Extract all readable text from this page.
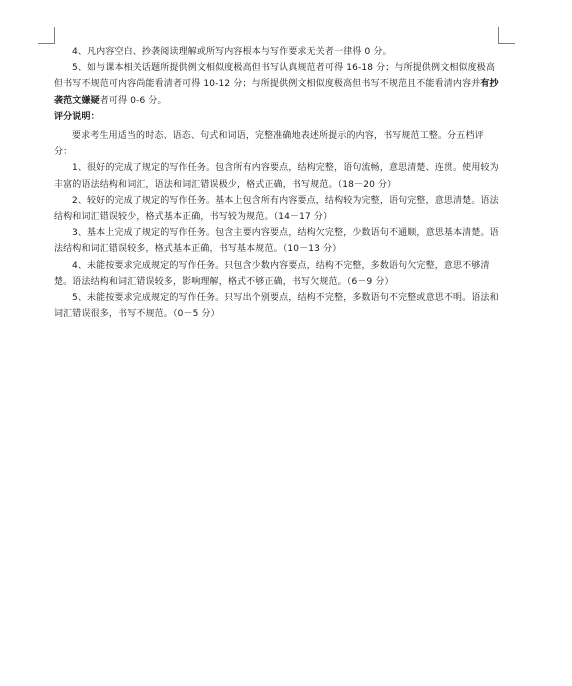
4、凡内容空白、抄袭阅读理解或所写内容根本与写作要求无关者一律得 0 分。

5、如与课本相关话题所提供例文相似度极高但书写认真规范者可得 16-18 分；与所提供例文相似度极高但书写不规范可内容尚能看清者可得 10-12 分；与所提供例文相似度极高但书写不规范且不能看清内容并有抄袭范文嫌疑者可得 0-6 分。

评分说明：

要求考生用适当的时态、语态、句式和词语，完整准确地表述所提示的内容，书写规范工整。分五档评分：

1、很好的完成了规定的写作任务。包含所有内容要点，结构完整，语句流畅，意思清楚、连贯。使用较为丰富的语法结构和词汇，语法和词汇错误极少，格式正确，书写规范。（18－20 分）

2、较好的完成了规定的写作任务。基本上包含所有内容要点，结构较为完整，语句完整，意思清楚。语法结构和词汇错误较少，格式基本正确，书写较为规范。（14－17 分）

3、基本上完成了规定的写作任务。包含主要内容要点，结构欠完整，少数语句不通顺，意思基本清楚。语法结构和词汇错误较多，格式基本正确，书写基本规范。（10－13 分）

4、未能按要求完成规定的写作任务。只包含少数内容要点，结构不完整，多数语句欠完整，意思不够清楚。语法结构和词汇错误较多，影响理解，格式不够正确，书写欠规范。（6－9 分）

5、未能按要求完成规定的写作任务。只写出个别要点，结构不完整，多数语句不完整或意思不明。语法和词汇错误很多，书写不规范。（0－5 分）
